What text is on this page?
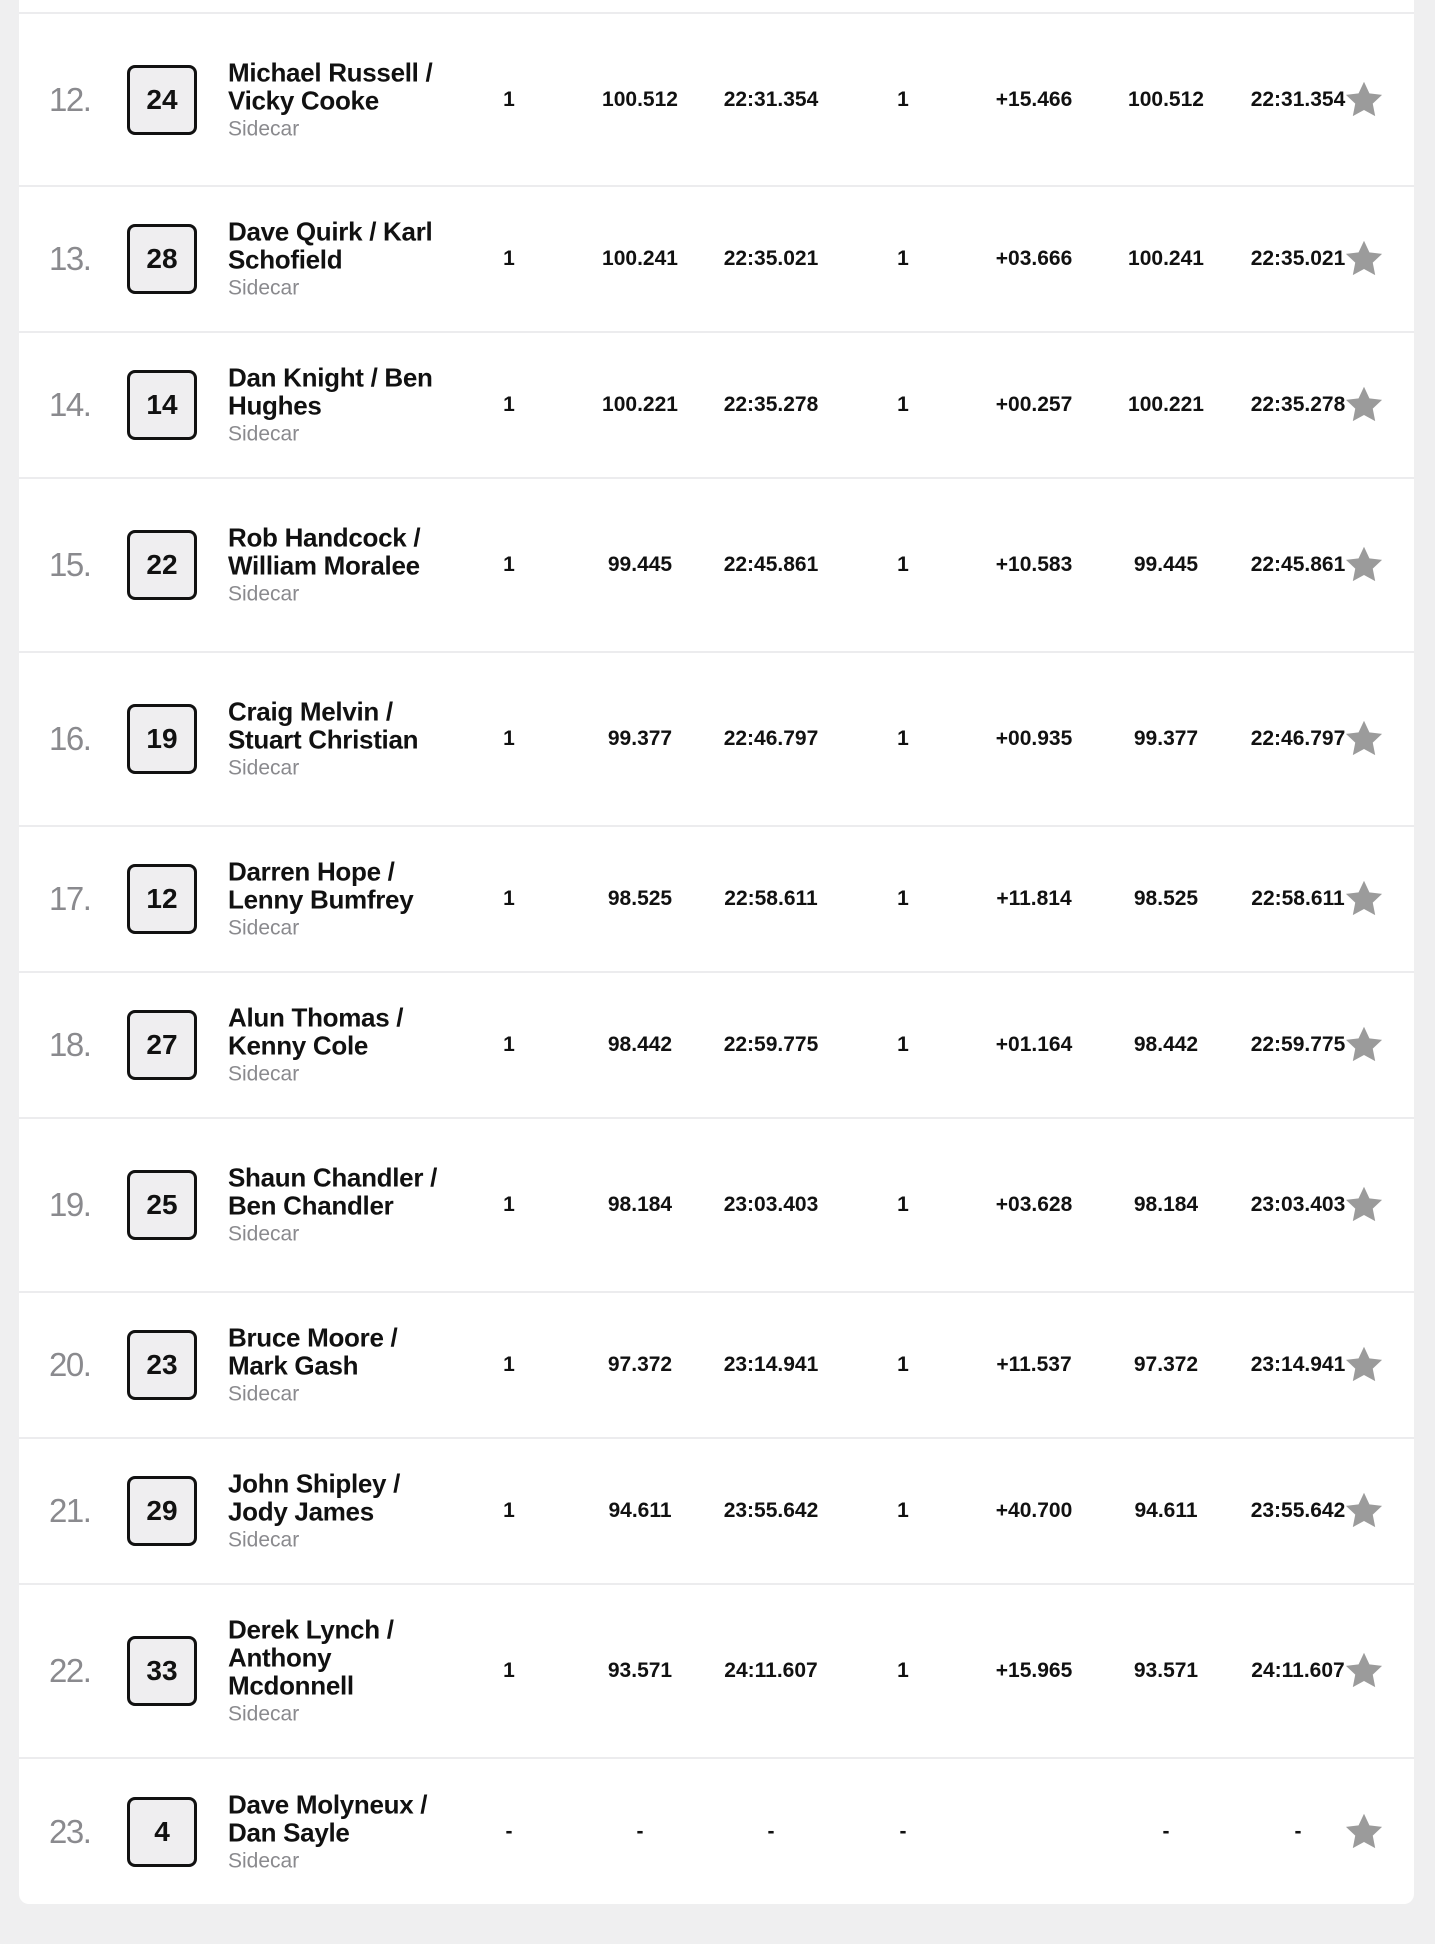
12. 24
Michael Russell / Vicky Cooke
Sidecar
1	100.512 22:31.354	1	+15.466	100.512 22:31.354
13. 28
Dave Quirk / Karl Schofield
Sidecar
1	100.241 22:35.021	1	+03.666	100.241 22:35.021
14. 14
Dan Knight / Ben Hughes
Sidecar
1	100.221 22:35.278	1	+00.257	100.221 22:35.278
15. 22
Rob Handcock / William Moralee
Sidecar
1	99.445 22:45.861	1	+10.583	99.445	22:45.861
16. 19
Craig Melvin / Stuart Christian
Sidecar
1	99.377 22:46.797	1	+00.935	99.377	22:46.797
17. 12
Darren Hope / Lenny Bumfrey
Sidecar
1	98.525 22:58.611	1	+11.814	98.525	22:58.611
18. 27
Alun Thomas / Kenny Cole
Sidecar
1	98.442 22:59.775	1	+01.164	98.442	22:59.775
19. 25
Shaun Chandler / Ben Chandler
Sidecar
1	98.184 23:03.403	1	+03.628	98.184	23:03.403
20. 23
Bruce Moore / Mark Gash
Sidecar
1	97.372 23:14.941	1	+11.537	97.372	23:14.941
21. 29
John Shipley / Jody James
Sidecar
1	94.611 23:55.642	1	+40.700	94.611	23:55.642
22. 33
Derek Lynch / Anthony Mcdonnell
Sidecar
1	93.571 24:11.607	1	+15.965	93.571	24:11.607
23. 4
Dave Molyneux / Dan Sayle
Sidecar
-	-	-	-	-	-
